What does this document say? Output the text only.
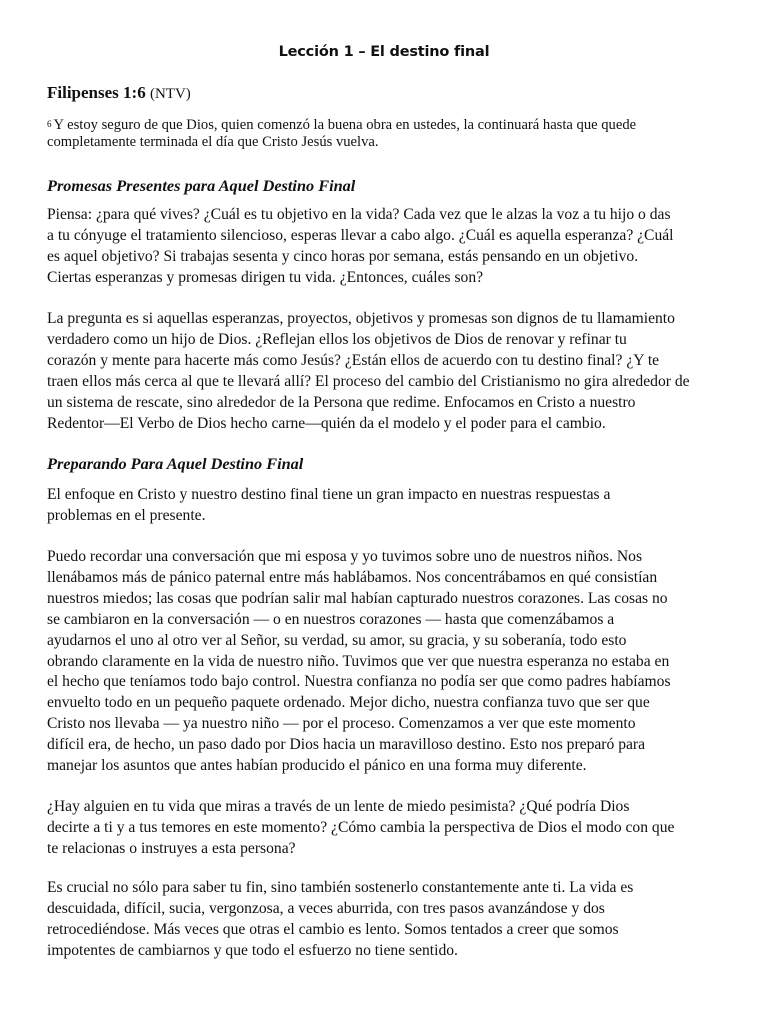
Lección 1 – El destino final
Filipenses 1:6 (NTV)
$^6$ Y estoy seguro de que Dios, quien comenzó la buena obra en ustedes, la continuará hasta que quede
completamente terminada el día que Cristo Jesús vuelva.
Promesas Presentes para Aquel Destino Final
Piensa: ¿para qué vives? ¿Cuál es tu objetivo en la vida? Cada vez que le alzas la voz a tu hijo o das
a tu cónyuge el tratamiento silencioso, esperas llevar a cabo algo. ¿Cuál es aquella esperanza? ¿Cuál
es aquel objetivo? Si trabajas sesenta y cinco horas por semana, estás pensando en un objetivo.
Ciertas esperanzas y promesas dirigen tu vida. ¿Entonces, cuáles son?
La pregunta es si aquellas esperanzas, proyectos, objetivos y promesas son dignos de tu llamamiento
verdadero como un hijo de Dios. ¿Reflejan ellos los objetivos de Dios de renovar y refinar tu
corazón y mente para hacerte más como Jesús? ¿Están ellos de acuerdo con tu destino final? ¿Y te
traen ellos más cerca al que te llevará allí? El proceso del cambio del Cristianismo no gira alrededor de
un sistema de rescate, sino alrededor de la Persona que redime. Enfocamos en Cristo a nuestro
Redentor—El Verbo de Dios hecho carne—quién da el modelo y el poder para el cambio.
Preparando Para Aquel Destino Final
El enfoque en Cristo y nuestro destino final tiene un gran impacto en nuestras respuestas a
problemas en el presente.
Puedo recordar una conversación que mi esposa y yo tuvimos sobre uno de nuestros niños. Nos
llenábamos más de pánico paternal entre más hablábamos. Nos concentrábamos en qué consistían
nuestros miedos; las cosas que podrían salir mal habían capturado nuestros corazones. Las cosas no
se cambiaron en la conversación — o en nuestros corazones — hasta que comenzábamos a
ayudarnos el uno al otro ver al Señor, su verdad, su amor, su gracia, y su soberanía, todo esto
obrando claramente en la vida de nuestro niño. Tuvimos que ver que nuestra esperanza no estaba en
el hecho que teníamos todo bajo control. Nuestra confianza no podía ser que como padres habíamos
envuelto todo en un pequeño paquete ordenado. Mejor dicho, nuestra confianza tuvo que ser que
Cristo nos llevaba — ya nuestro niño — por el proceso. Comenzamos a ver que este momento
difícil era, de hecho, un paso dado por Dios hacia un maravilloso destino. Esto nos preparó para
manejar los asuntos que antes habían producido el pánico en una forma muy diferente.
¿Hay alguien en tu vida que miras a través de un lente de miedo pesimista? ¿Qué podría Dios
decirte a ti y a tus temores en este momento? ¿Cómo cambia la perspectiva de Dios el modo con que
te relacionas o instruyes a esta persona?
Es crucial no sólo para saber tu fin, sino también sostenerlo constantemente ante ti. La vida es
descuidada, difícil, sucia, vergonzosa, a veces aburrida, con tres pasos avanzándose y dos
retrocediéndose. Más veces que otras el cambio es lento. Somos tentados a creer que somos
impotentes de cambiarnos y que todo el esfuerzo no tiene sentido.
